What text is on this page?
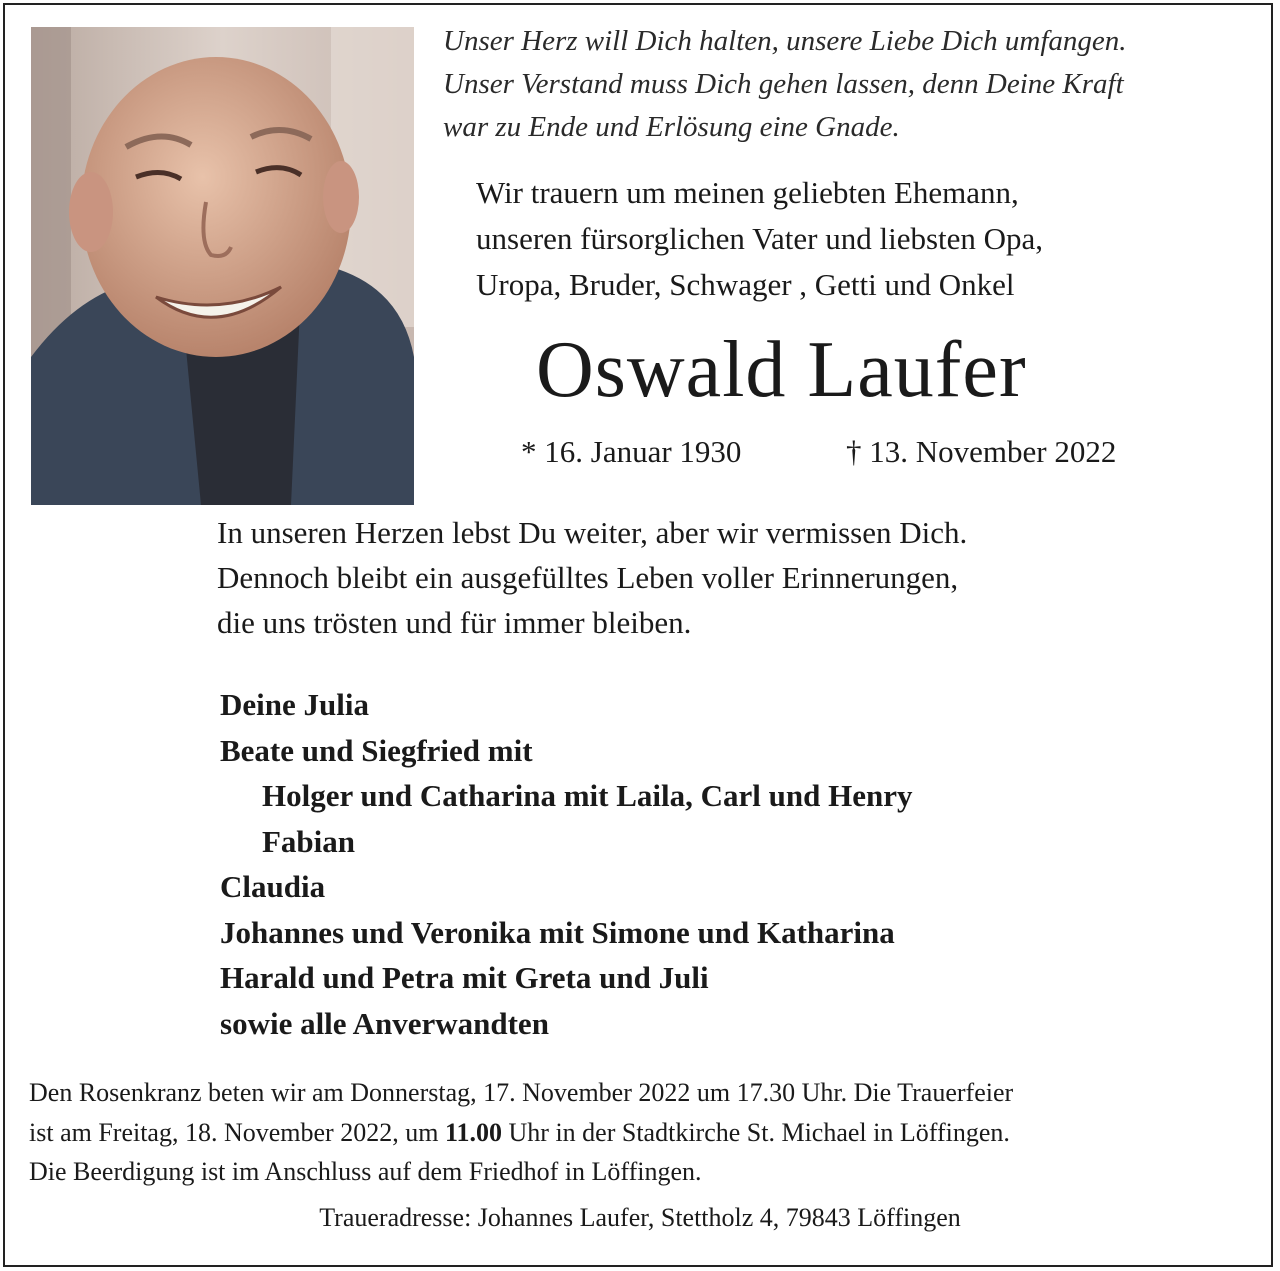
Unser Herz will Dich halten, unsere Liebe Dich umfangen.
Unser Verstand muss Dich gehen lassen, denn Deine Kraft
war zu Ende und Erlösung eine Gnade.
Wir trauern um meinen geliebten Ehemann,
unseren fürsorglichen Vater und liebsten Opa,
Uropa, Bruder, Schwager , Getti und Onkel
Oswald Laufer
* 16. Januar 1930	† 13. November 2022
In unseren Herzen lebst Du weiter, aber wir vermissen Dich.
Dennoch bleibt ein ausgefülltes Leben voller Erinnerungen,
die uns trösten und für immer bleiben.
Deine Julia
Beate und Siegfried mit
Holger und Catharina mit Laila, Carl und Henry
Fabian
Claudia
Johannes und Veronika mit Simone und Katharina
Harald und Petra mit Greta und Juli
sowie alle Anverwandten
Den Rosenkranz beten wir am Donnerstag, 17. November 2022 um 17.30 Uhr. Die Trauerfeier
ist am Freitag, 18. November 2022, um 11.00 Uhr in der Stadtkirche St. Michael in Löffingen.
Die Beerdigung ist im Anschluss auf dem Friedhof in Löffingen.
Traueradresse: Johannes Laufer, Stettholz 4, 79843 Löffingen
